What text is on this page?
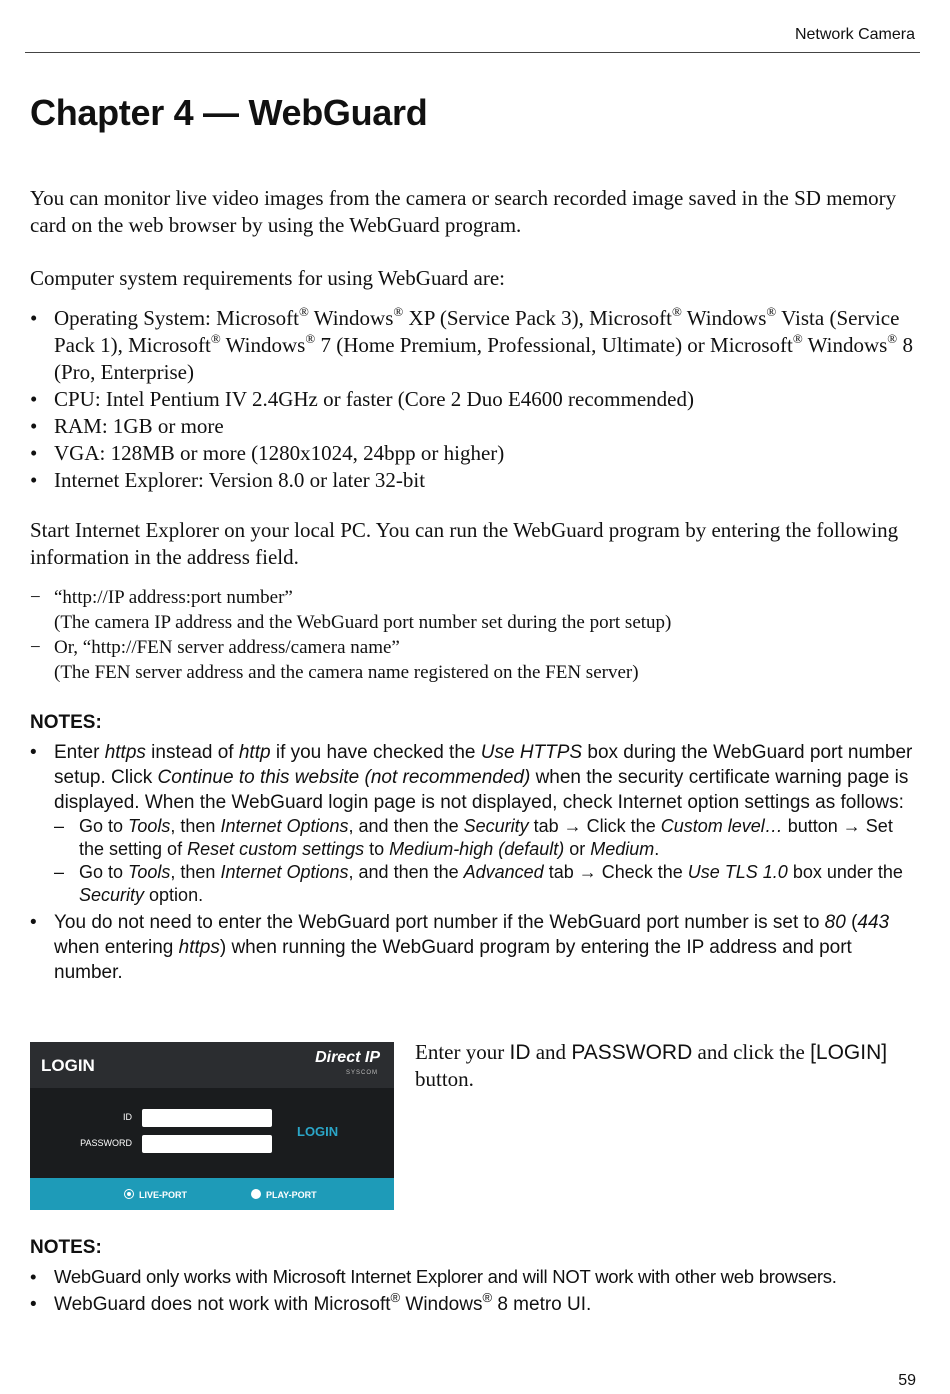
Network Camera
Chapter 4 — WebGuard
You can monitor live video images from the camera or search recorded image saved in the SD memory card on the web browser by using the WebGuard program.
Computer system requirements for using WebGuard are:
• Operating System: Microsoft® Windows® XP (Service Pack 3), Microsoft® Windows® Vista (Service Pack 1), Microsoft® Windows® 7 (Home Premium, Professional, Ultimate) or Microsoft® Windows® 8 (Pro, Enterprise)
• CPU: Intel Pentium IV 2.4GHz or faster (Core 2 Duo E4600 recommended)
• RAM: 1GB or more
• VGA: 128MB or more (1280x1024, 24bpp or higher)
• Internet Explorer: Version 8.0 or later 32-bit
Start Internet Explorer on your local PC. You can run the WebGuard program by entering the following information in the address field.
− “http://IP address:port number”
(The camera IP address and the WebGuard port number set during the port setup)
− Or, “http://FEN server address/camera name”
(The FEN server address and the camera name registered on the FEN server)
NOTES:
• Enter https instead of http if you have checked the Use HTTPS box during the WebGuard port number setup. Click Continue to this website (not recommended) when the security certificate warning page is displayed. When the WebGuard login page is not displayed, check Internet option settings as follows:
– Go to Tools, then Internet Options, and then the Security tab → Click the Custom level… button → Set the setting of Reset custom settings to Medium-high (default) or Medium.
– Go to Tools, then Internet Options, and then the Advanced tab → Check the Use TLS 1.0 box under the Security option.
• You do not need to enter the WebGuard port number if the WebGuard port number is set to 80 (443 when entering https) when running the WebGuard program by entering the IP address and port number.
LOGIN	Direct IP
SYSCOM
ID
PASSWORD
LOGIN
LIVE-PORT	PLAY-PORT
Enter your ID and PASSWORD and click the [LOGIN] button.
NOTES:
• WebGuard only works with Microsoft Internet Explorer and will NOT work with other web browsers.
• WebGuard does not work with Microsoft® Windows® 8 metro UI.
59
